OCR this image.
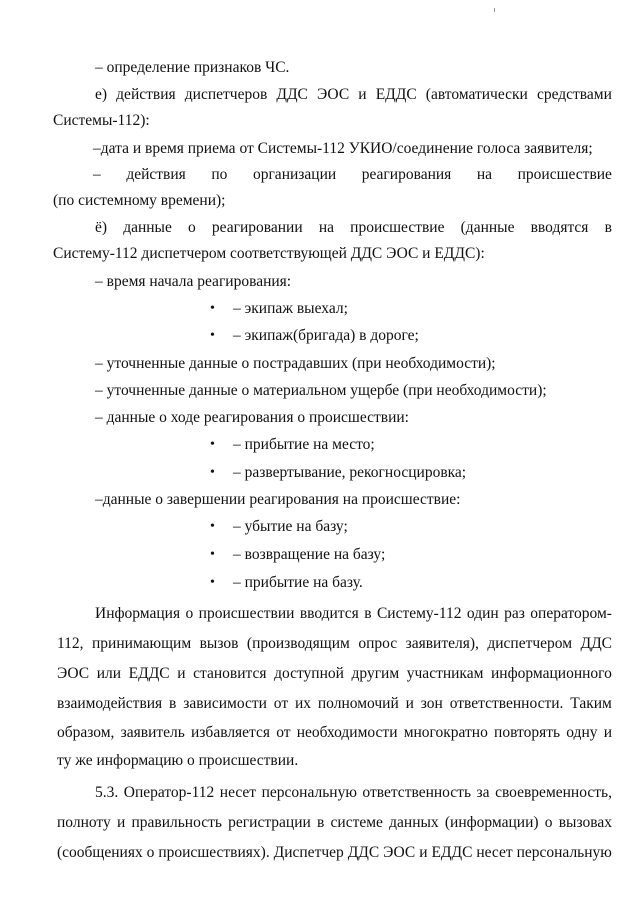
– определение признаков ЧС.
е) действия диспетчеров ДДС ЭОС и ЕДДС (автоматически средствами
Системы-112):
–дата и время приема от Системы-112 УКИО/соединение голоса заявителя;
– действия по организации реагирования на происшествие
(по системному времени);
ё) данные о реагировании на происшествие (данные вводятся в
Систему-112 диспетчером соответствующей ДДС ЭОС и ЕДДС):
– время начала реагирования:
• – экипаж выехал;
• – экипаж(бригада) в дороге;
– уточненные данные о пострадавших (при необходимости);
– уточненные данные о материальном ущербе (при необходимости);
– данные о ходе реагирования о происшествии:
• – прибытие на место;
• – развертывание, рекогносцировка;
–данные о завершении реагирования на происшествие:
• – убытие на базу;
• – возвращение на базу;
• – прибытие на базу.
Информация о происшествии вводится в Систему-112 один раз оператором-
112, принимающим вызов (производящим опрос заявителя), диспетчером ДДС
ЭОС или ЕДДС и становится доступной другим участникам информационного
взаимодействия в зависимости от их полномочий и зон ответственности. Таким
образом, заявитель избавляется от необходимости многократно повторять одну и
ту же информацию о происшествии.
5.3. Оператор-112 несет персональную ответственность за своевременность,
полноту и правильность регистрации в системе данных (информации) о вызовах
(сообщениях о происшествиях). Диспетчер ДДС ЭОС и ЕДДС несет персональную
